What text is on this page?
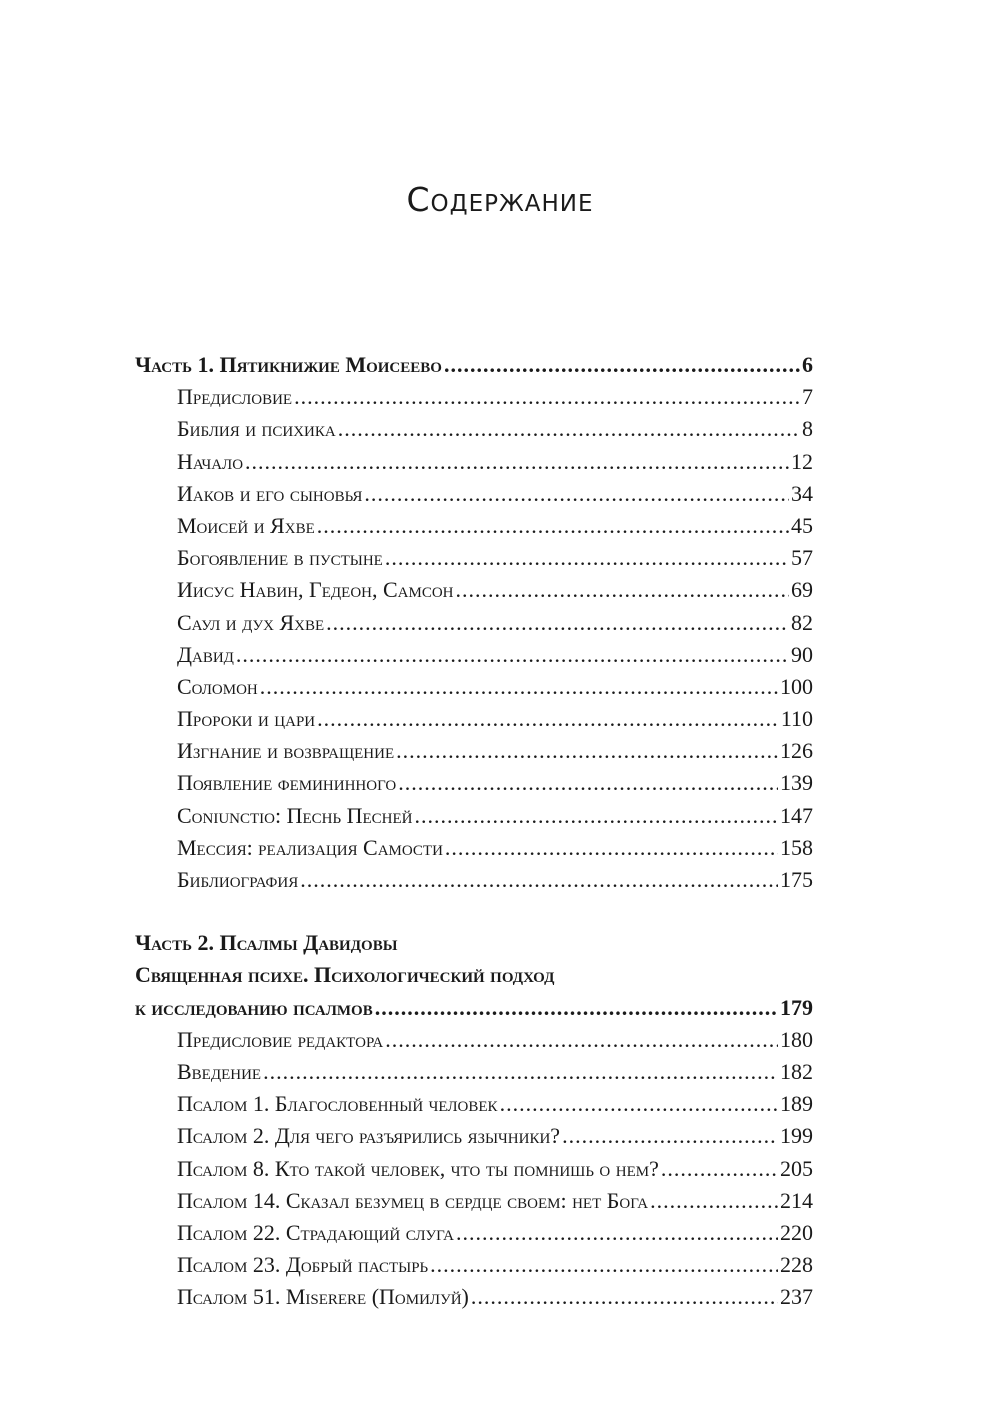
Содержание
Часть 1. Пятикнижие Моисеево .....	6
Предисловие .....	7
Библия и психика .....	8
Начало .....	12
Иаков и его сыновья .....	34
Моисей и Яхве .....	45
Богоявление в пустыне .....	57
Иисус Навин, Гедеон, Самсон .....	69
Саул и дух Яхве .....	82
Давид .....	90
Соломон .....	100
Пророки и цари .....	110
Изгнание и возвращение .....	126
Появление фемининного .....	139
Coniunctio: Песнь Песней .....	147
Мессия: реализация Самости .....	158
Библиография .....	175
Часть 2. Псалмы Давидовы
Священная психе. Психологический подход
к исследованию псалмов .....	179
Предисловие редактора .....	180
Введение .....	182
Псалом 1. Благословенный человек .....	189
Псалом 2. Для чего разъярились язычники? .....	199
Псалом 8. Кто такой человек, что ты помнишь о нем? .....	205
Псалом 14. Сказал безумец в сердце своем: нет Бога .....	214
Псалом 22. Страдающий слуга .....	220
Псалом 23. Добрый пастырь .....	228
Псалом 51. Miserere (Помилуй) .....	237
